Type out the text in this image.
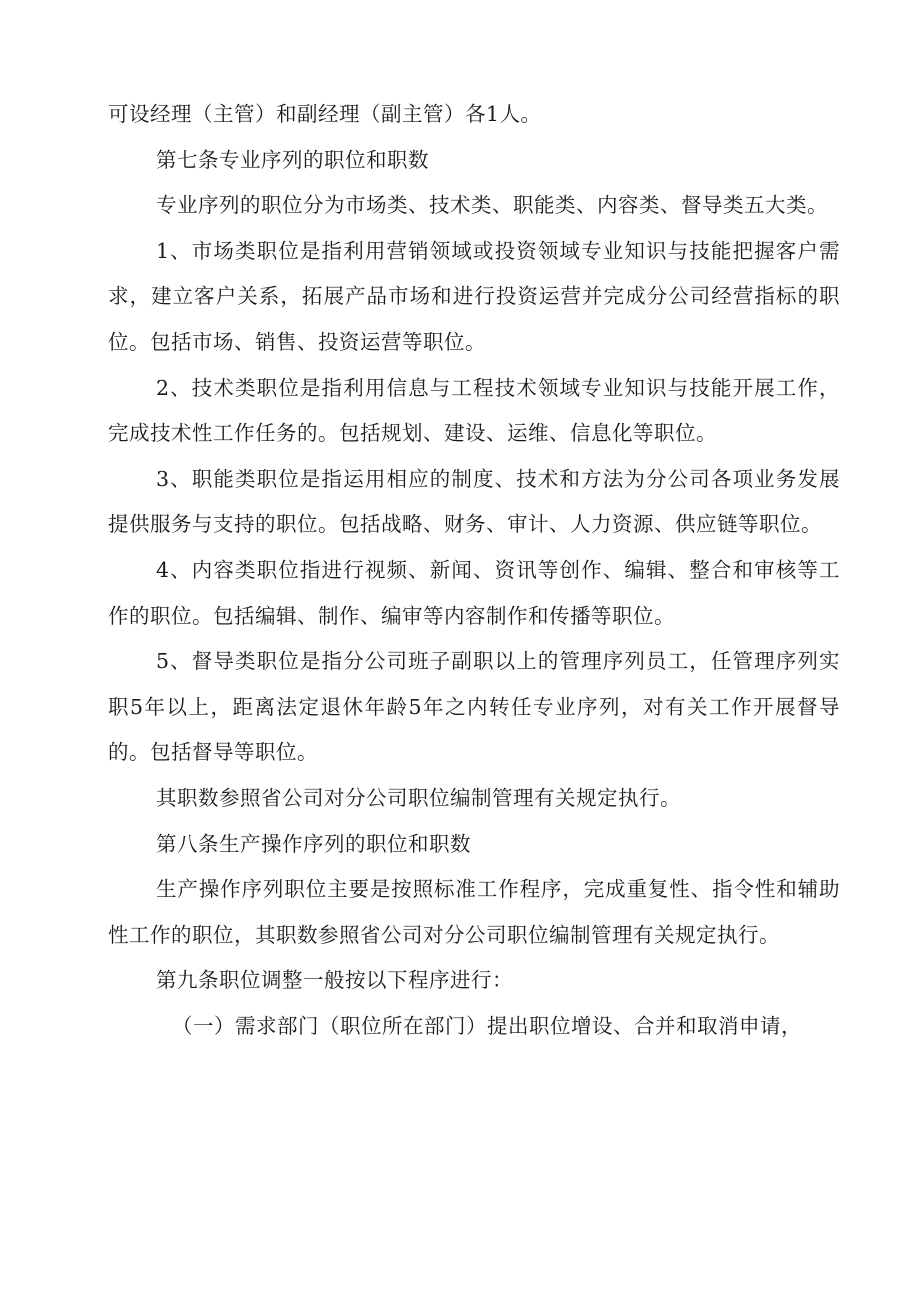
可设经理（主管）和副经理（副主管）各1人。

第七条专业序列的职位和职数

专业序列的职位分为市场类、技术类、职能类、内容类、督导类五大类。

1、市场类职位是指利用营销领域或投资领域专业知识与技能把握客户需求，建立客户关系，拓展产品市场和进行投资运营并完成分公司经营指标的职位。包括市场、销售、投资运营等职位。

2、技术类职位是指利用信息与工程技术领域专业知识与技能开展工作，完成技术性工作任务的。包括规划、建设、运维、信息化等职位。

3、职能类职位是指运用相应的制度、技术和方法为分公司各项业务发展提供服务与支持的职位。包括战略、财务、审计、人力资源、供应链等职位。

4、内容类职位指进行视频、新闻、资讯等创作、编辑、整合和审核等工作的职位。包括编辑、制作、编审等内容制作和传播等职位。

5、督导类职位是指分公司班子副职以上的管理序列员工，任管理序列实职5年以上，距离法定退休年龄5年之内转任专业序列，对有关工作开展督导的。包括督导等职位。

其职数参照省公司对分公司职位编制管理有关规定执行。

第八条生产操作序列的职位和职数

生产操作序列职位主要是按照标准工作程序，完成重复性、指令性和辅助性工作的职位，其职数参照省公司对分公司职位编制管理有关规定执行。

第九条职位调整一般按以下程序进行：

（一）需求部门（职位所在部门）提出职位增设、合并和取消申请，
